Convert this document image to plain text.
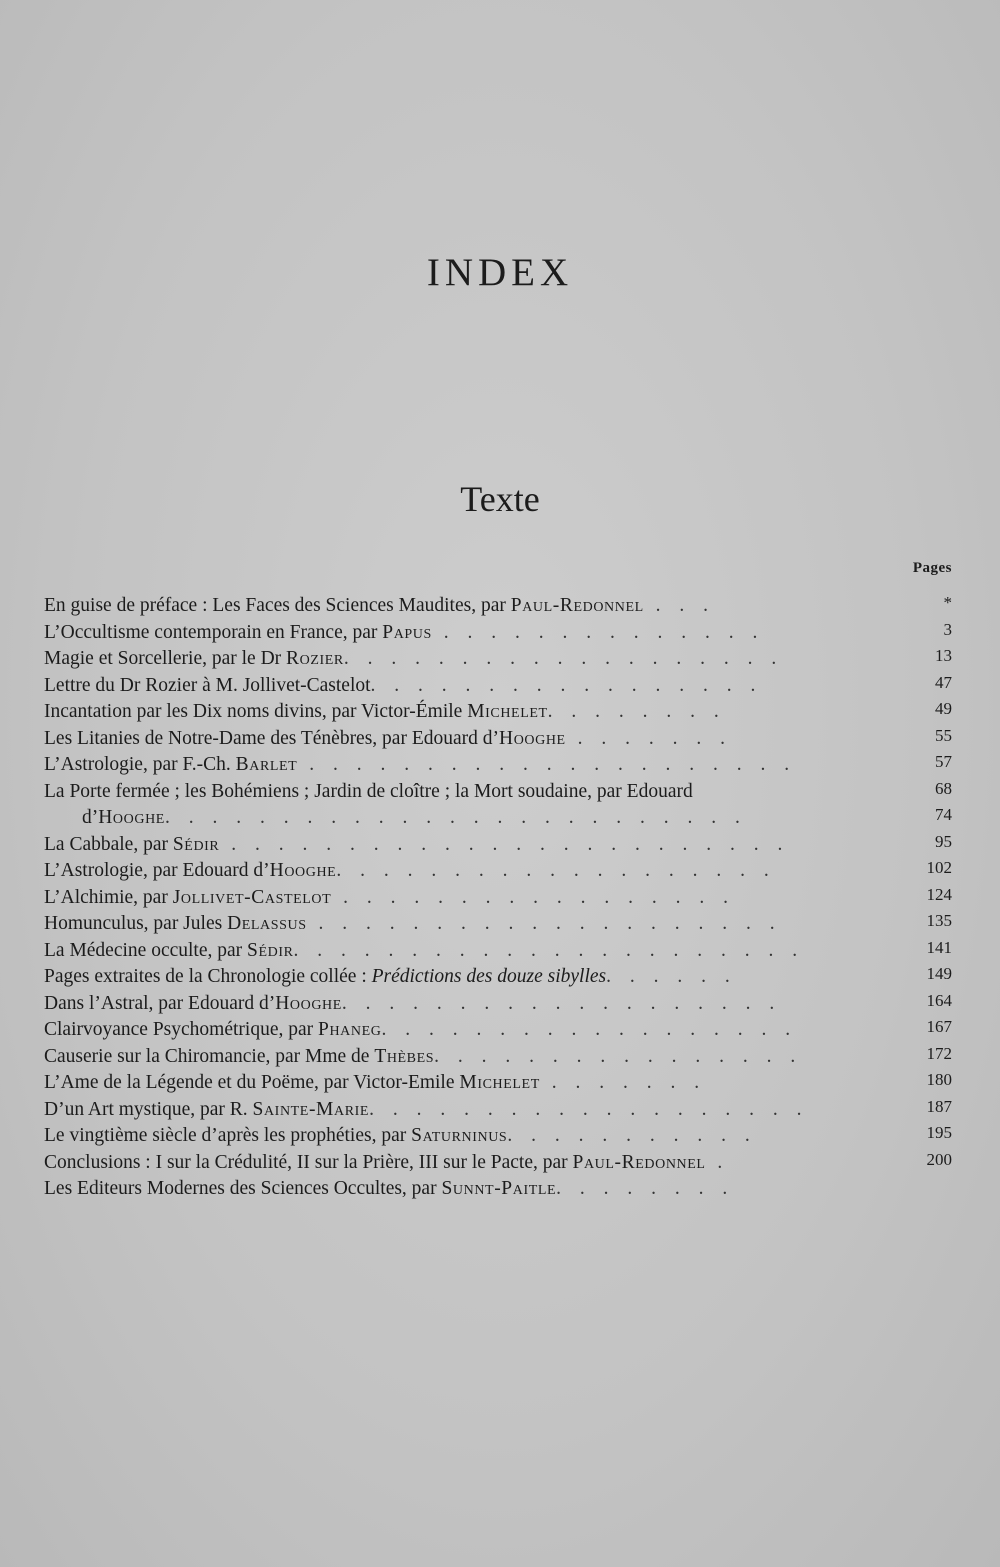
INDEX
Texte
Pages
En guise de préface : Les Faces des Sciences Maudites, par Paul-Redonnel . . .
L’Occultisme contemporain en France, par Papus . . . . . . . . . . . . . .
Magie et Sorcellerie, par le Dr Rozier. . . . . . . . . . . . . . . . . . .
Lettre du Dr Rozier à M. Jollivet-Castelot. . . . . . . . . . . . . . . . .
Incantation par les Dix noms divins, par Victor-Émile Michelet. . . . . . . .
Les Litanies de Notre-Dame des Ténèbres, par Edouard d’Hooghe . . . . . . .
L’Astrologie, par F.-Ch. Barlet . . . . . . . . . . . . . . . . . . . . .
La Porte fermée ; les Bohémiens ; Jardin de cloître ; la Mort soudaine, par Edouard
d’Hooghe. . . . . . . . . . . . . . . . . . . . . . . . .
La Cabbale, par Sédir . . . . . . . . . . . . . . . . . . . . . . . .
L’Astrologie, par Edouard d’Hooghe. . . . . . . . . . . . . . . . . . .
L’Alchimie, par Jollivet-Castelot . . . . . . . . . . . . . . . . .
Homunculus, par Jules Delassus . . . . . . . . . . . . . . . . . . . .
La Médecine occulte, par Sédir. . . . . . . . . . . . . . . . . . . . . .
Pages extraites de la Chronologie collée : Prédictions des douze sibylles. . . . . .
Dans l’Astral, par Edouard d’Hooghe. . . . . . . . . . . . . . . . . . .
Clairvoyance Psychométrique, par Phaneg. . . . . . . . . . . . . . . . . .
Causerie sur la Chiromancie, par Mme de Thèbes. . . . . . . . . . . . . . . .
L’Ame de la Légende et du Poëme, par Victor-Emile Michelet . . . . . . .
D’un Art mystique, par R. Sainte-Marie. . . . . . . . . . . . . . . . . . .
Le vingtième siècle d’après les prophéties, par Saturninus. . . . . . . . . . .
Conclusions : I sur la Crédulité, II sur la Prière, III sur le Pacte, par Paul-Redonnel .
Les Editeurs Modernes des Sciences Occultes, par Sunnt-Paitle. . . . . . . .
*
3
13
47
49
55
57
68
74
95
102
124
135
141
149
164
167
172
180
187
195
200
